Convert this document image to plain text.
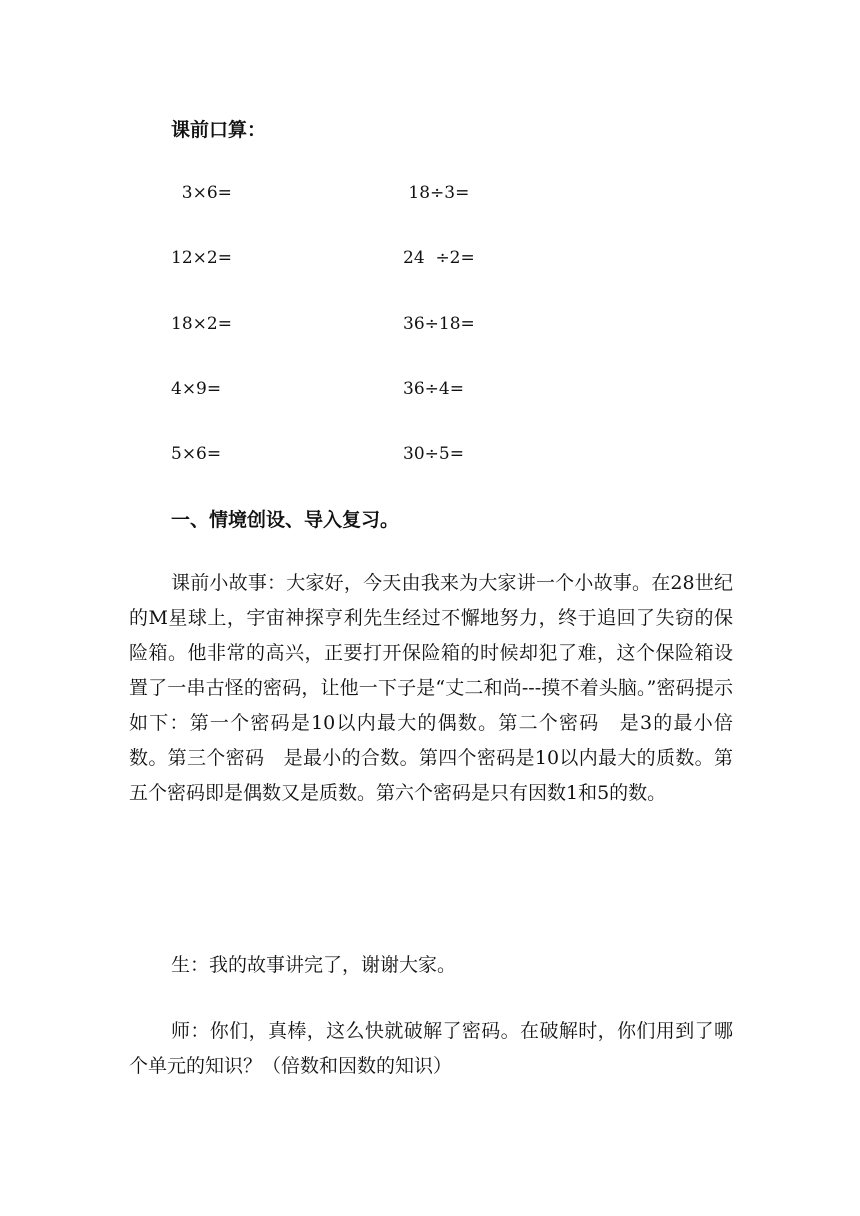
课前口算：
3×6=	18÷3=
12×2=	24  ÷2=
18×2=	36÷18=
4×9=	36÷4=
5×6=	30÷5=
一、情境创设、导入复习。

课前小故事：大家好，今天由我来为大家讲一个小故事。在28世纪的M星球上，宇宙神探亨利先生经过不懈地努力，终于追回了失窃的保险箱。他非常的高兴，正要打开保险箱的时候却犯了难，这个保险箱设置了一串古怪的密码，让他一下子是“丈二和尚---摸不着头脑。”密码提示如下：第一个密码是10以内最大的偶数。第二个密码　是3的最小倍数。第三个密码　是最小的合数。第四个密码是10以内最大的质数。第五个密码即是偶数又是质数。第六个密码是只有因数1和5的数。

生：我的故事讲完了，谢谢大家。

师：你们，真棒，这么快就破解了密码。在破解时，你们用到了哪个单元的知识？（倍数和因数的知识）
